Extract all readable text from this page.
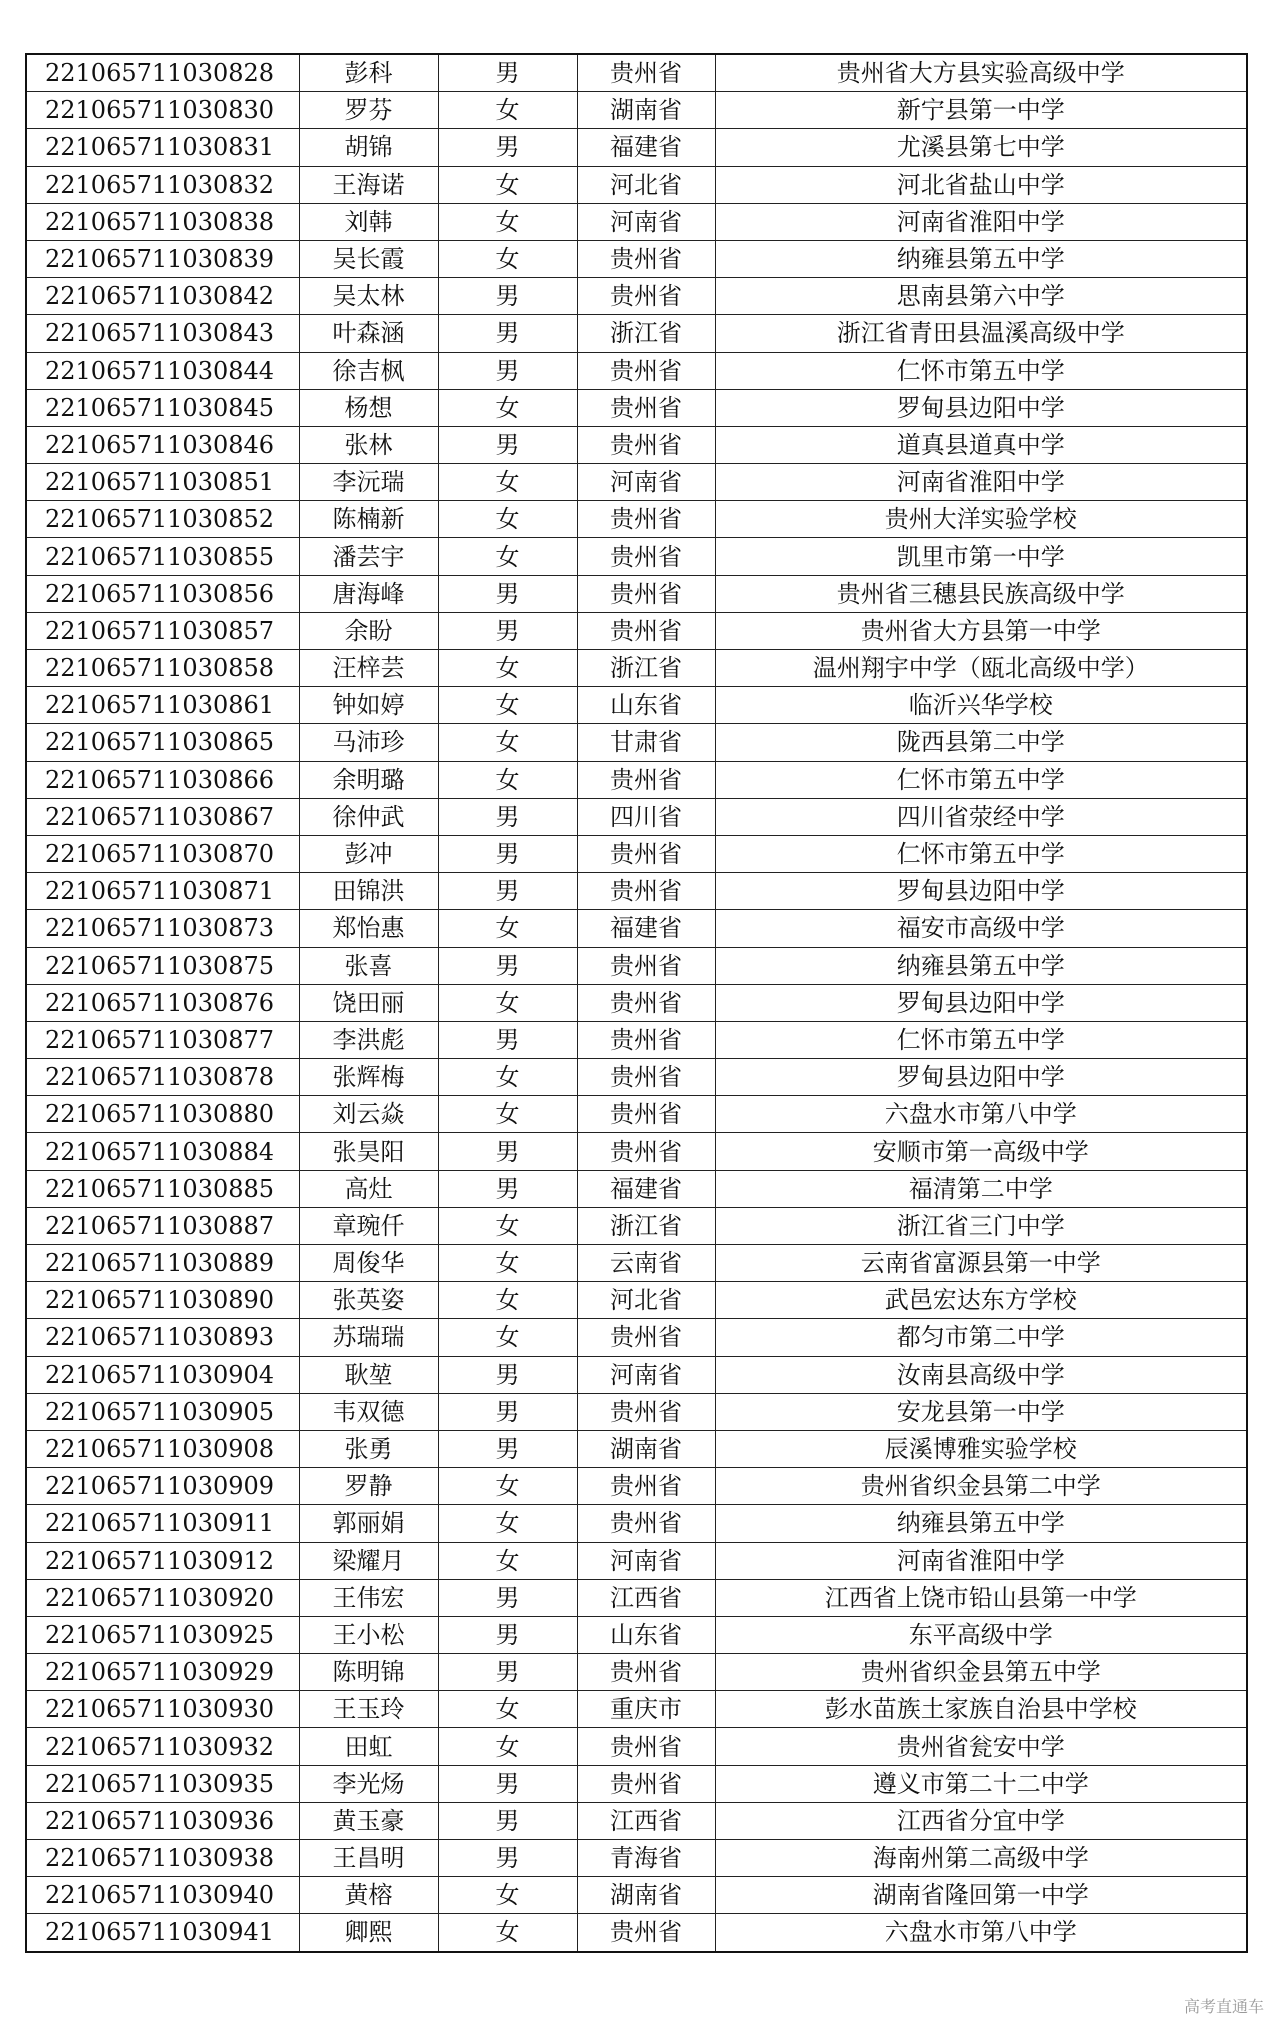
221065711030828	彭科	男	贵州省	贵州省大方县实验高级中学
221065711030830	罗芬	女	湖南省	新宁县第一中学
221065711030831	胡锦	男	福建省	尤溪县第七中学
221065711030832	王海诺	女	河北省	河北省盐山中学
221065711030838	刘韩	女	河南省	河南省淮阳中学
221065711030839	吴长霞	女	贵州省	纳雍县第五中学
221065711030842	吴太林	男	贵州省	思南县第六中学
221065711030843	叶森涵	男	浙江省	浙江省青田县温溪高级中学
221065711030844	徐吉枫	男	贵州省	仁怀市第五中学
221065711030845	杨想	女	贵州省	罗甸县边阳中学
221065711030846	张林	男	贵州省	道真县道真中学
221065711030851	李沅瑞	女	河南省	河南省淮阳中学
221065711030852	陈楠新	女	贵州省	贵州大洋实验学校
221065711030855	潘芸宇	女	贵州省	凯里市第一中学
221065711030856	唐海峰	男	贵州省	贵州省三穗县民族高级中学
221065711030857	余盼	男	贵州省	贵州省大方县第一中学
221065711030858	汪梓芸	女	浙江省	温州翔宇中学（瓯北高级中学）
221065711030861	钟如婷	女	山东省	临沂兴华学校
221065711030865	马沛珍	女	甘肃省	陇西县第二中学
221065711030866	余明璐	女	贵州省	仁怀市第五中学
221065711030867	徐仲武	男	四川省	四川省荥经中学
221065711030870	彭冲	男	贵州省	仁怀市第五中学
221065711030871	田锦洪	男	贵州省	罗甸县边阳中学
221065711030873	郑怡惠	女	福建省	福安市高级中学
221065711030875	张喜	男	贵州省	纳雍县第五中学
221065711030876	饶田丽	女	贵州省	罗甸县边阳中学
221065711030877	李洪彪	男	贵州省	仁怀市第五中学
221065711030878	张辉梅	女	贵州省	罗甸县边阳中学
221065711030880	刘云焱	女	贵州省	六盘水市第八中学
221065711030884	张昊阳	男	贵州省	安顺市第一高级中学
221065711030885	高灶	男	福建省	福清第二中学
221065711030887	章琬仟	女	浙江省	浙江省三门中学
221065711030889	周俊华	女	云南省	云南省富源县第一中学
221065711030890	张英姿	女	河北省	武邑宏达东方学校
221065711030893	苏瑞瑞	女	贵州省	都匀市第二中学
221065711030904	耿堃	男	河南省	汝南县高级中学
221065711030905	韦双德	男	贵州省	安龙县第一中学
221065711030908	张勇	男	湖南省	辰溪博雅实验学校
221065711030909	罗静	女	贵州省	贵州省织金县第二中学
221065711030911	郭丽娟	女	贵州省	纳雍县第五中学
221065711030912	梁耀月	女	河南省	河南省淮阳中学
221065711030920	王伟宏	男	江西省	江西省上饶市铅山县第一中学
221065711030925	王小松	男	山东省	东平高级中学
221065711030929	陈明锦	男	贵州省	贵州省织金县第五中学
221065711030930	王玉玲	女	重庆市	彭水苗族土家族自治县中学校
221065711030932	田虹	女	贵州省	贵州省瓮安中学
221065711030935	李光炀	男	贵州省	遵义市第二十二中学
221065711030936	黄玉豪	男	江西省	江西省分宜中学
221065711030938	王昌明	男	青海省	海南州第二高级中学
221065711030940	黄榕	女	湖南省	湖南省隆回第一中学
221065711030941	卿熙	女	贵州省	六盘水市第八中学
高考直通车
